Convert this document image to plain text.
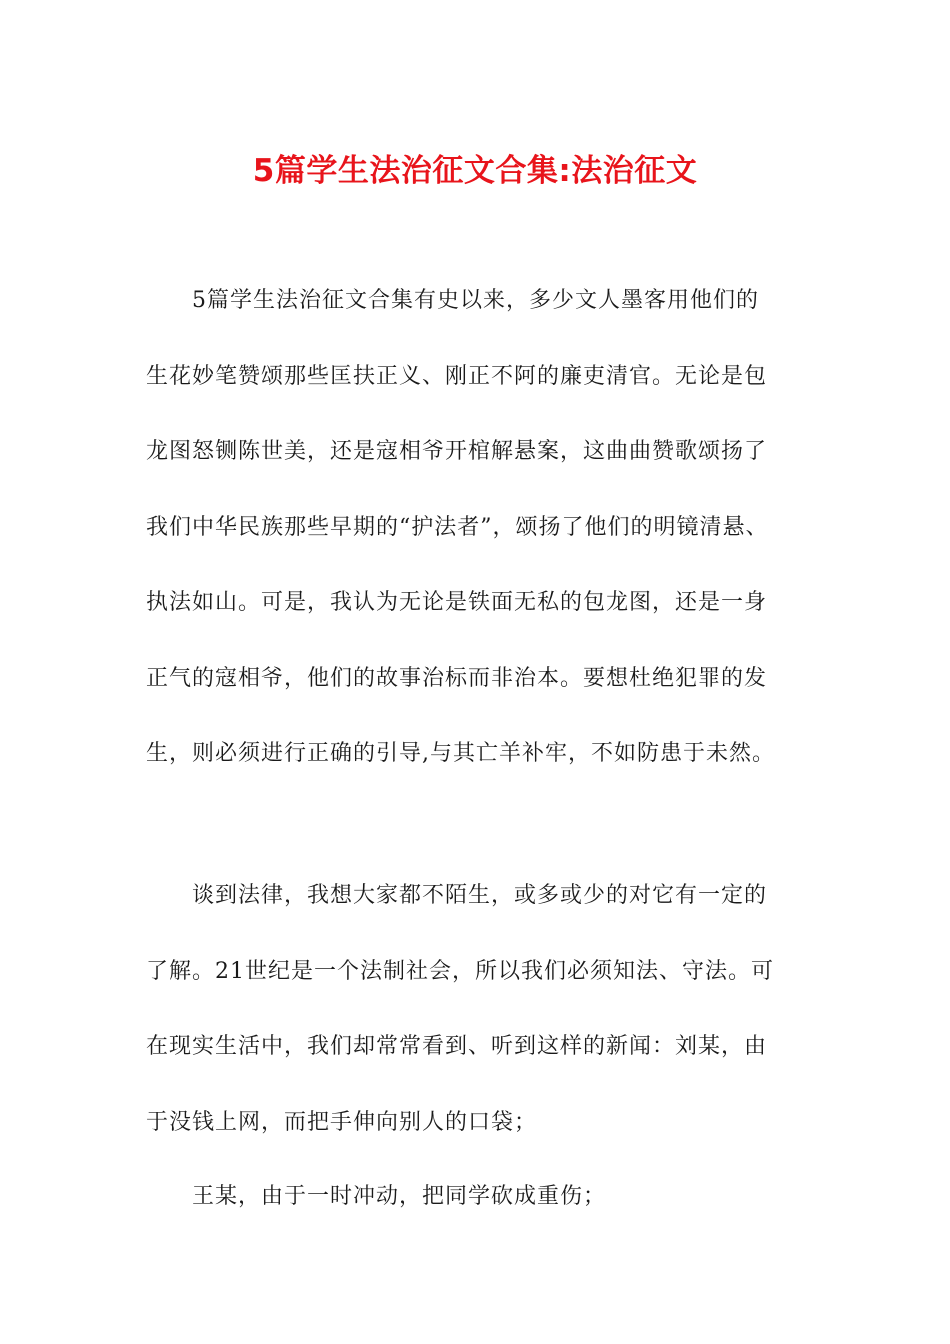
5篇学生法治征文合集:法治征文
5篇学生法治征文合集有史以来，多少文人墨客用他们的
生花妙笔赞颂那些匡扶正义、刚正不阿的廉吏清官。无论是包
龙图怒铡陈世美，还是寇相爷开棺解悬案，这曲曲赞歌颂扬了
我们中华民族那些早期的“护法者”，颂扬了他们的明镜清悬、
执法如山。可是，我认为无论是铁面无私的包龙图，还是一身
正气的寇相爷，他们的故事治标而非治本。要想杜绝犯罪的发
生，则必须进行正确的引导,与其亡羊补牢，不如防患于未然。
谈到法律，我想大家都不陌生，或多或少的对它有一定的
了解。21世纪是一个法制社会，所以我们必须知法、守法。可
在现实生活中，我们却常常看到、听到这样的新闻：刘某，由
于没钱上网，而把手伸向别人的口袋；
王某，由于一时冲动，把同学砍成重伤；
